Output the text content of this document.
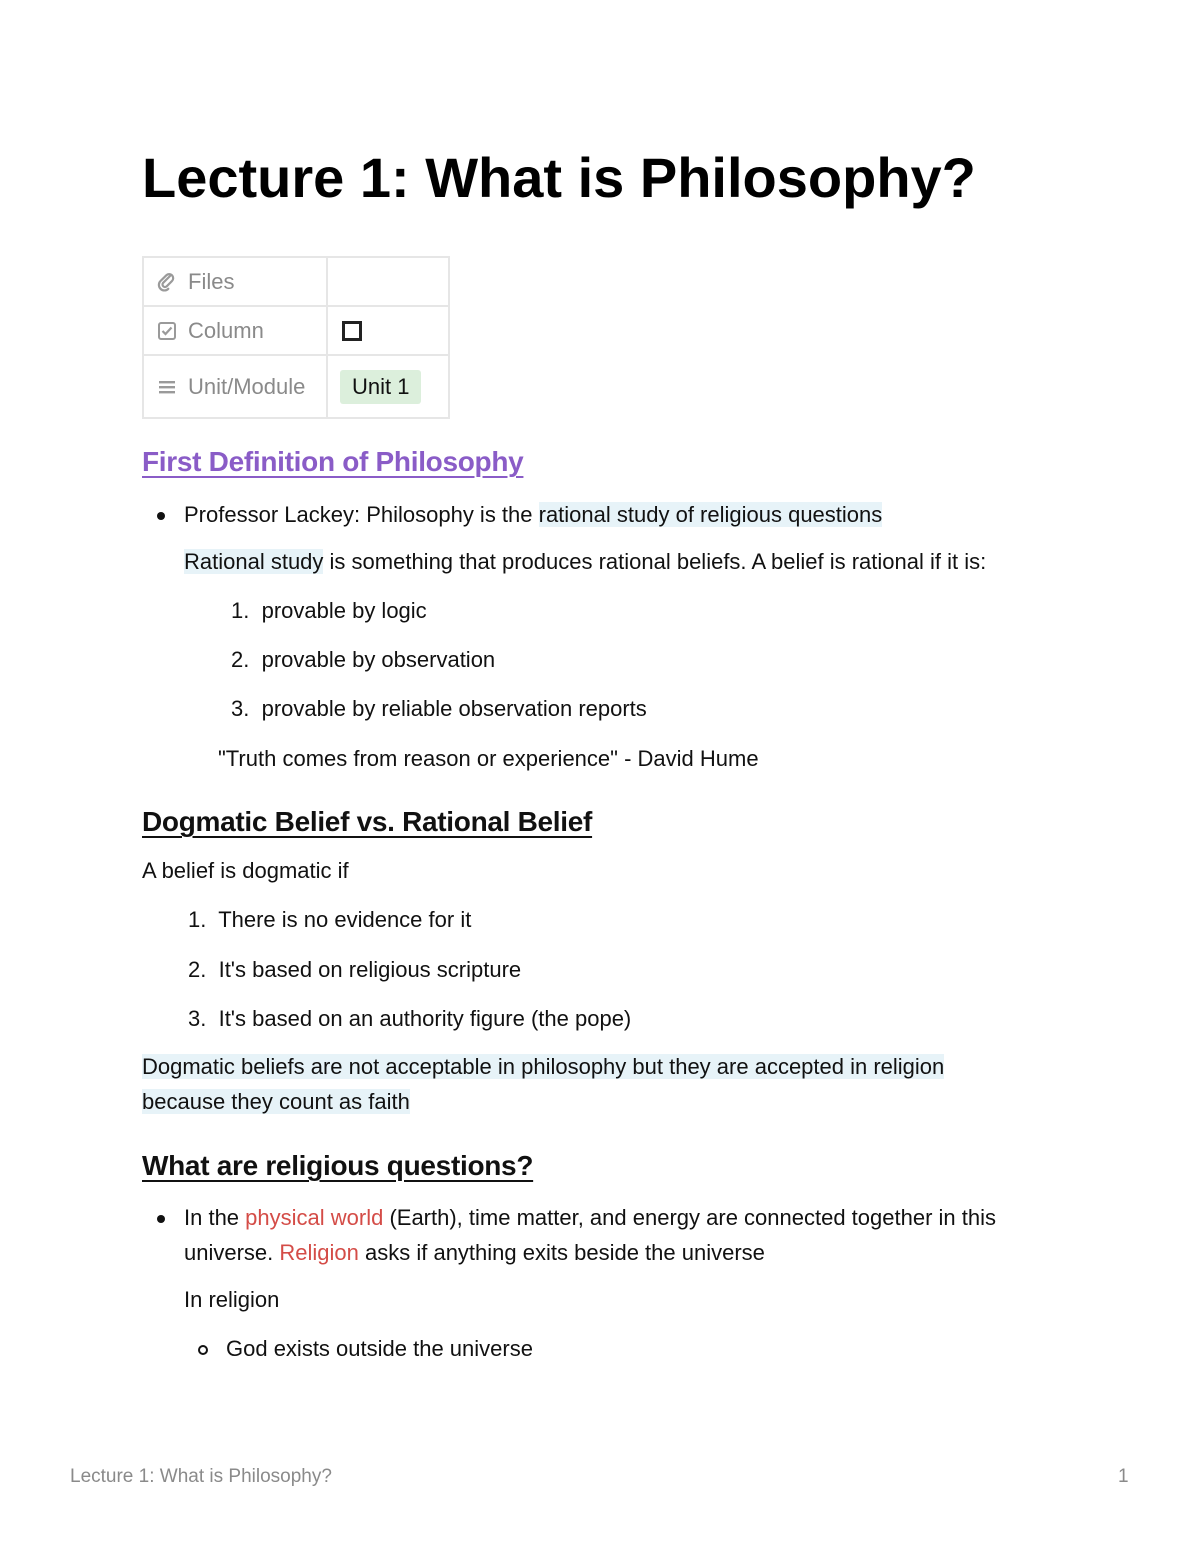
Lecture 1: What is Philosophy?
Files	

Column	

Unit/Module	Unit 1
First Definition of Philosophy

Professor Lackey: Philosophy is the rational study of religious questions

Rational study is something that produces rational beliefs. A belief is rational if it is:

1.  provable by logic

2.  provable by observation

3.  provable by reliable observation reports

"Truth comes from reason or experience" - David Hume

Dogmatic Belief vs. Rational Belief

A belief is dogmatic if

1.  There is no evidence for it

2.  It's based on religious scripture

3.  It's based on an authority figure (the pope)

Dogmatic beliefs are not acceptable in philosophy but they are accepted in religion

because they count as faith

What are religious questions?

In the physical world (Earth), time matter, and energy are connected together in this

universe. Religion asks if anything exits beside the universe

In religion

God exists outside the universe

Lecture 1: What is Philosophy?	1
